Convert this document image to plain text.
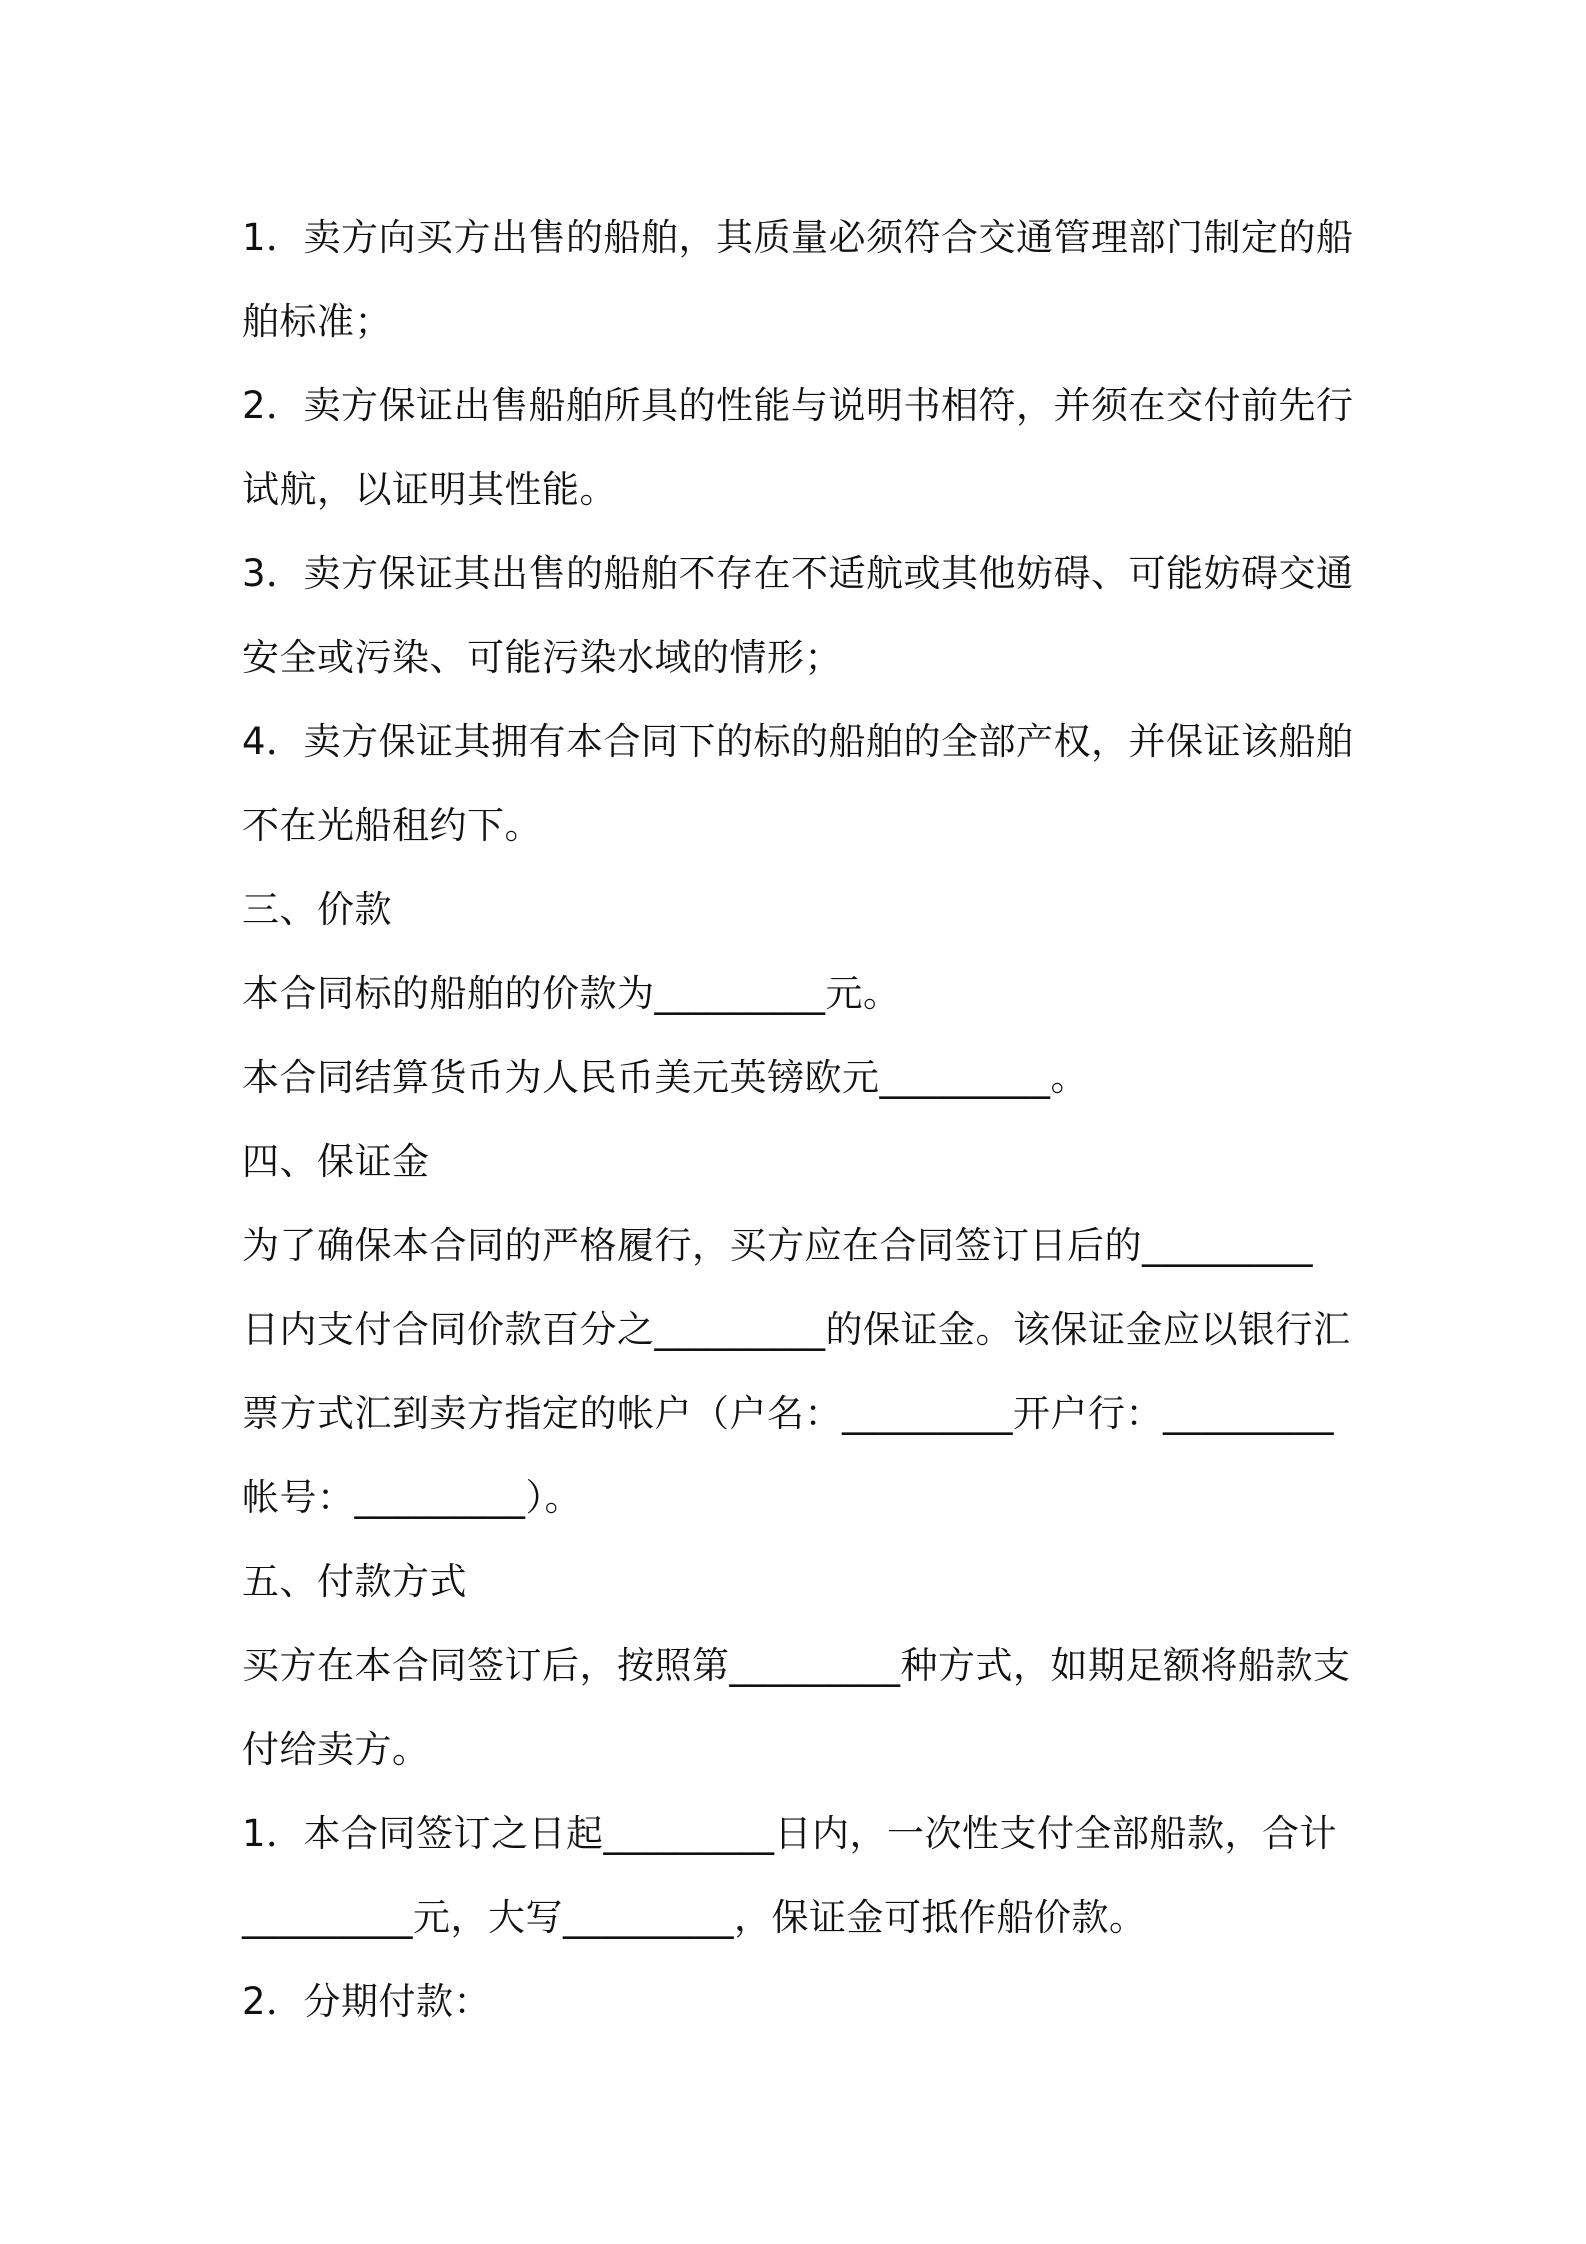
1．卖方向买方出售的船舶，其质量必须符合交通管理部门制定的船
舶标准；
2．卖方保证出售船舶所具的性能与说明书相符，并须在交付前先行
试航，以证明其性能。
3．卖方保证其出售的船舶不存在不适航或其他妨碍、可能妨碍交通
安全或污染、可能污染水域的情形；
4．卖方保证其拥有本合同下的标的船舶的全部产权，并保证该船舶
不在光船租约下。
三、价款
本合同标的船舶的价款为_________元。
本合同结算货币为人民币美元英镑欧元_________。
四、保证金
为了确保本合同的严格履行，买方应在合同签订日后的_________
日内支付合同价款百分之_________的保证金。该保证金应以银行汇
票方式汇到卖方指定的帐户（户名：_________开户行：_________
帐号：_________）。
五、付款方式
买方在本合同签订后，按照第_________种方式，如期足额将船款支
付给卖方。
1．本合同签订之日起_________日内，一次性支付全部船款，合计
_________元，大写_________，保证金可抵作船价款。
2．分期付款：
